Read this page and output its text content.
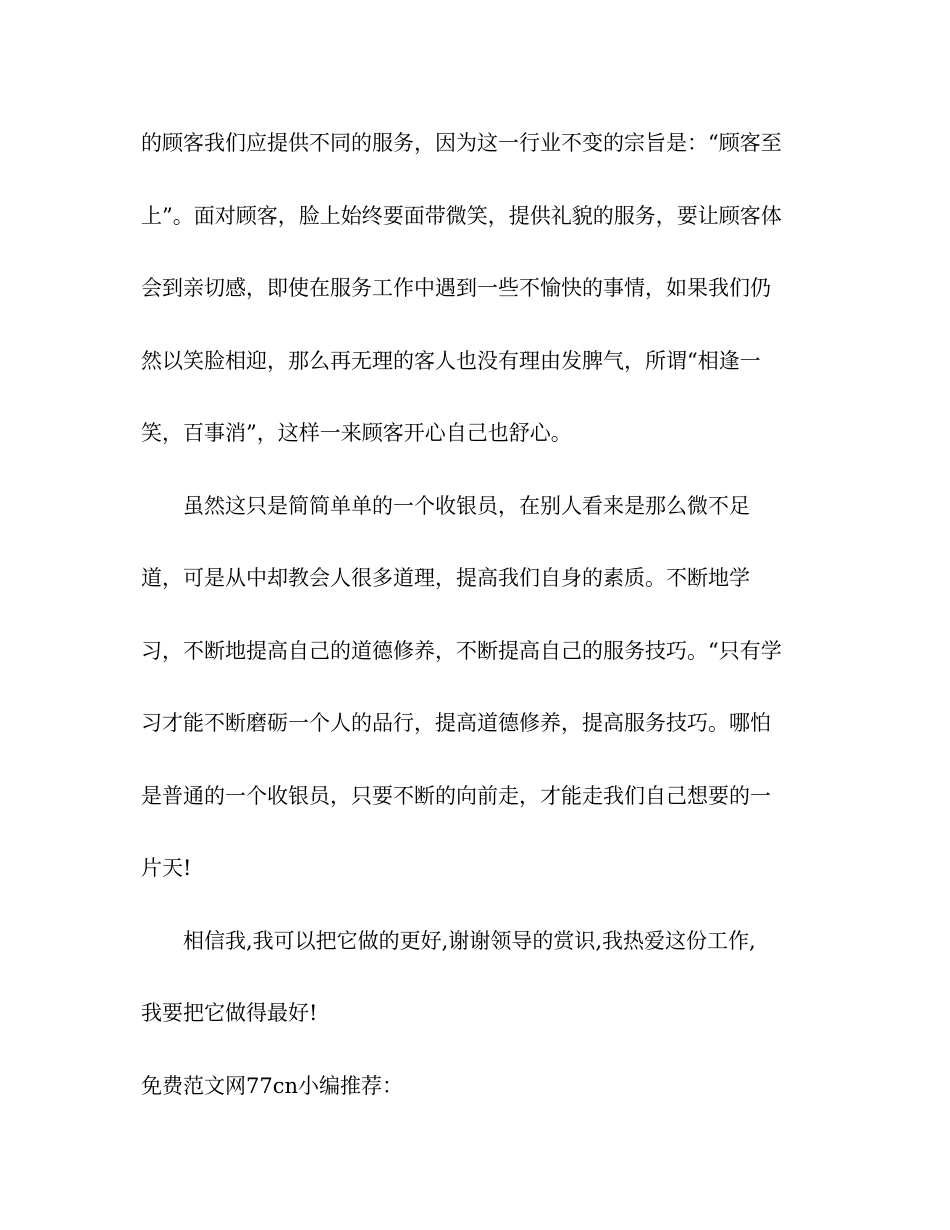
的顾客我们应提供不同的服务，因为这一行业不变的宗旨是：“顾客至
上”。面对顾客，脸上始终要面带微笑，提供礼貌的服务，要让顾客体
会到亲切感，即使在服务工作中遇到一些不愉快的事情，如果我们仍
然以笑脸相迎，那么再无理的客人也没有理由发脾气，所谓“相逢一
笑，百事消”，这样一来顾客开心自己也舒心。
虽然这只是简简单单的一个收银员，在别人看来是那么微不足
道，可是从中却教会人很多道理，提高我们自身的素质。不断地学
习，不断地提高自己的道德修养，不断提高自己的服务技巧。“只有学
习才能不断磨砺一个人的品行，提高道德修养，提高服务技巧。哪怕
是普通的一个收银员，只要不断的向前走，才能走我们自己想要的一
片天!
相信我,我可以把它做的更好,谢谢领导的赏识,我热爱这份工作,
我要把它做得最好!
免费范文网77cn小编推荐：
